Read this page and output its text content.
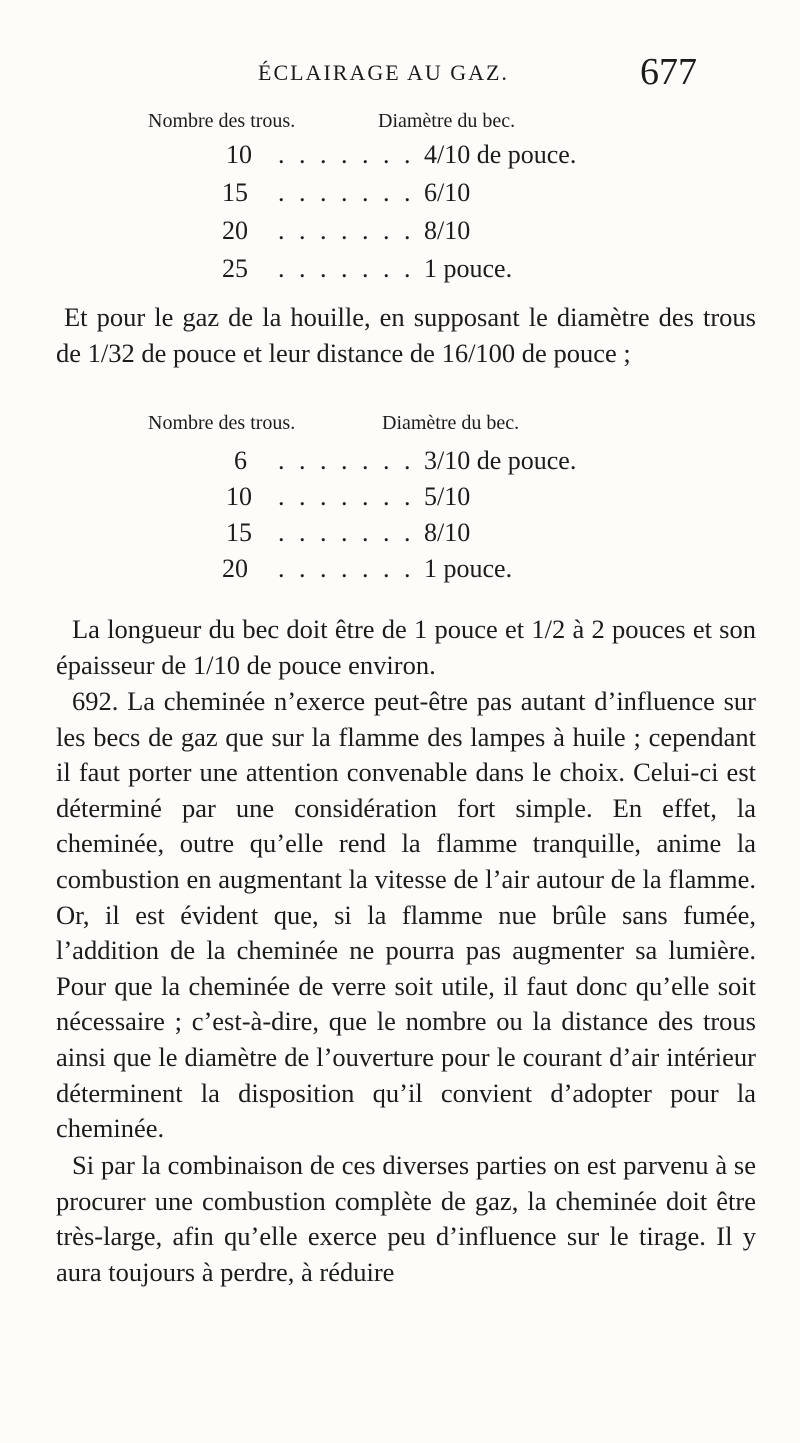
ÉCLAIRAGE AU GAZ.	677
Nombre des trous.	Diamètre du bec.
10 . . . . . . . 4/10 de pouce.
15 . . . . . . . 6/10
20 . . . . . . . 8/10
25 . . . . . . . 1 pouce.

Et pour le gaz de la houille, en supposant le diamètre des trous de 1/32 de pouce et leur distance de 16/100 de pouce ;

Nombre des trous.	Diamètre du bec.
6 . . . . . . . 3/10 de pouce.
10 . . . . . . . 5/10
15 . . . . . . . 8/10
20 . . . . . . . 1 pouce.

La longueur du bec doit être de 1 pouce et 1/2 à 2 pouces et son épaisseur de 1/10 de pouce environ.

692. La cheminée n’exerce peut-être pas autant d’influence sur les becs de gaz que sur la flamme des lampes à huile ; cependant il faut porter une attention convenable dans le choix. Celui-ci est déterminé par une considération fort simple. En effet, la cheminée, outre qu’elle rend la flamme tranquille, anime la combustion en augmentant la vitesse de l’air autour de la flamme. Or, il est évident que, si la flamme nue brûle sans fumée, l’addition de la cheminée ne pourra pas augmenter sa lumière. Pour que la cheminée de verre soit utile, il faut donc qu’elle soit nécessaire ; c’est-à-dire, que le nombre ou la distance des trous ainsi que le diamètre de l’ouverture pour le courant d’air intérieur déterminent la disposition qu’il convient d’adopter pour la cheminée.

Si par la combinaison de ces diverses parties on est parvenu à se procurer une combustion complète de gaz, la cheminée doit être très-large, afin qu’elle exerce peu d’influence sur le tirage. Il y aura toujours à perdre, à réduire
